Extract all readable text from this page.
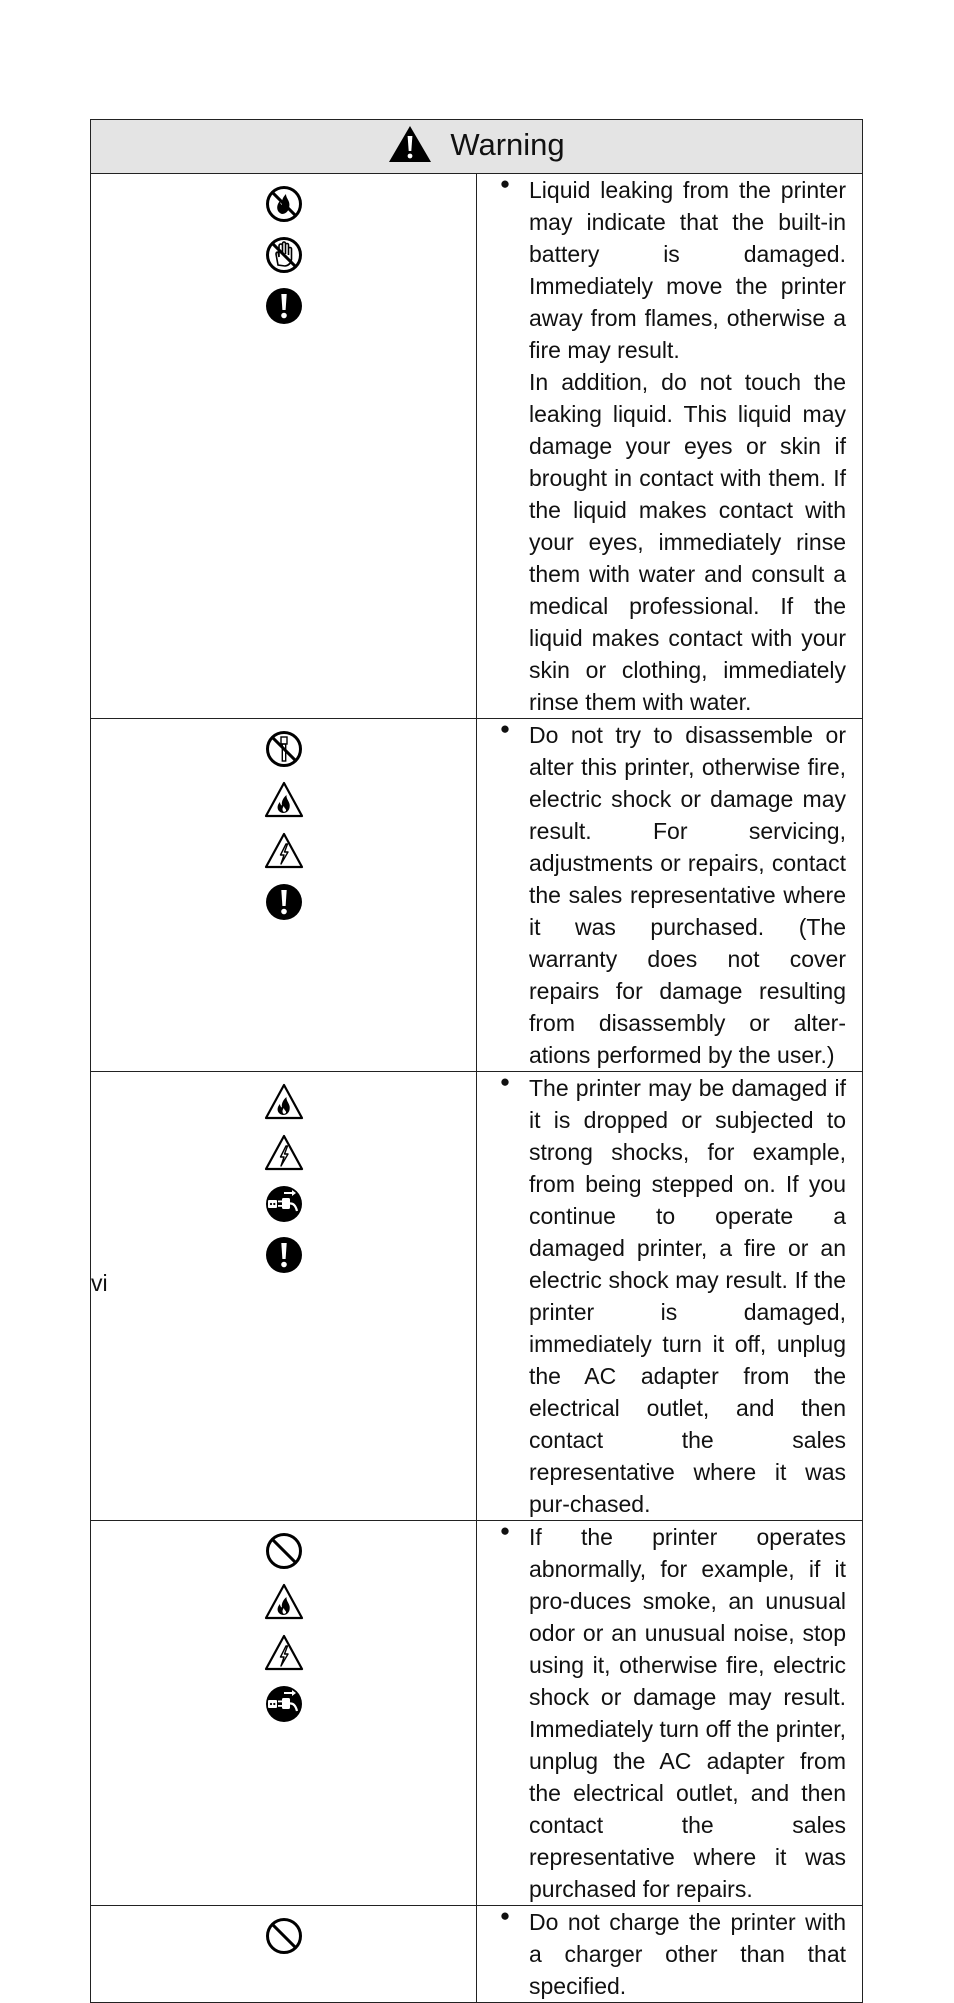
Warning	

● Liquid leaking from the printer may indicate that the built-in battery is damaged. Immediately move the printer away from flames, otherwise a fire may result.

In addition, do not touch the leaking liquid. This liquid may damage your eyes or skin if brought in contact with them. If the liquid makes contact with your eyes, immediately rinse them with water and consult a medical professional. If the liquid makes contact with your skin or clothing, immediately rinse them with water.

● Do not try to disassemble or alter this printer, otherwise fire, electric shock or damage may result. For servicing, adjustments or repairs, contact the sales representative where it was purchased. (The warranty does not cover repairs for damage resulting from disassembly or alter-ations performed by the user.)

● The printer may be damaged if it is dropped or subjected to strong shocks, for example, from being stepped on. If you continue to operate a damaged printer, a fire or an electric shock may result. If the printer is damaged, immediately turn it off, unplug the AC adapter from the electrical outlet, and then contact the sales representative where it was pur-chased.

● If the printer operates abnormally, for example, if it pro-duces smoke, an unusual odor or an unusual noise, stop using it, otherwise fire, electric shock or damage may result. Immediately turn off the printer, unplug the AC adapter from the electrical outlet, and then contact the sales representative where it was purchased for repairs.

● Do not charge the printer with a charger other than that specified.

vi
